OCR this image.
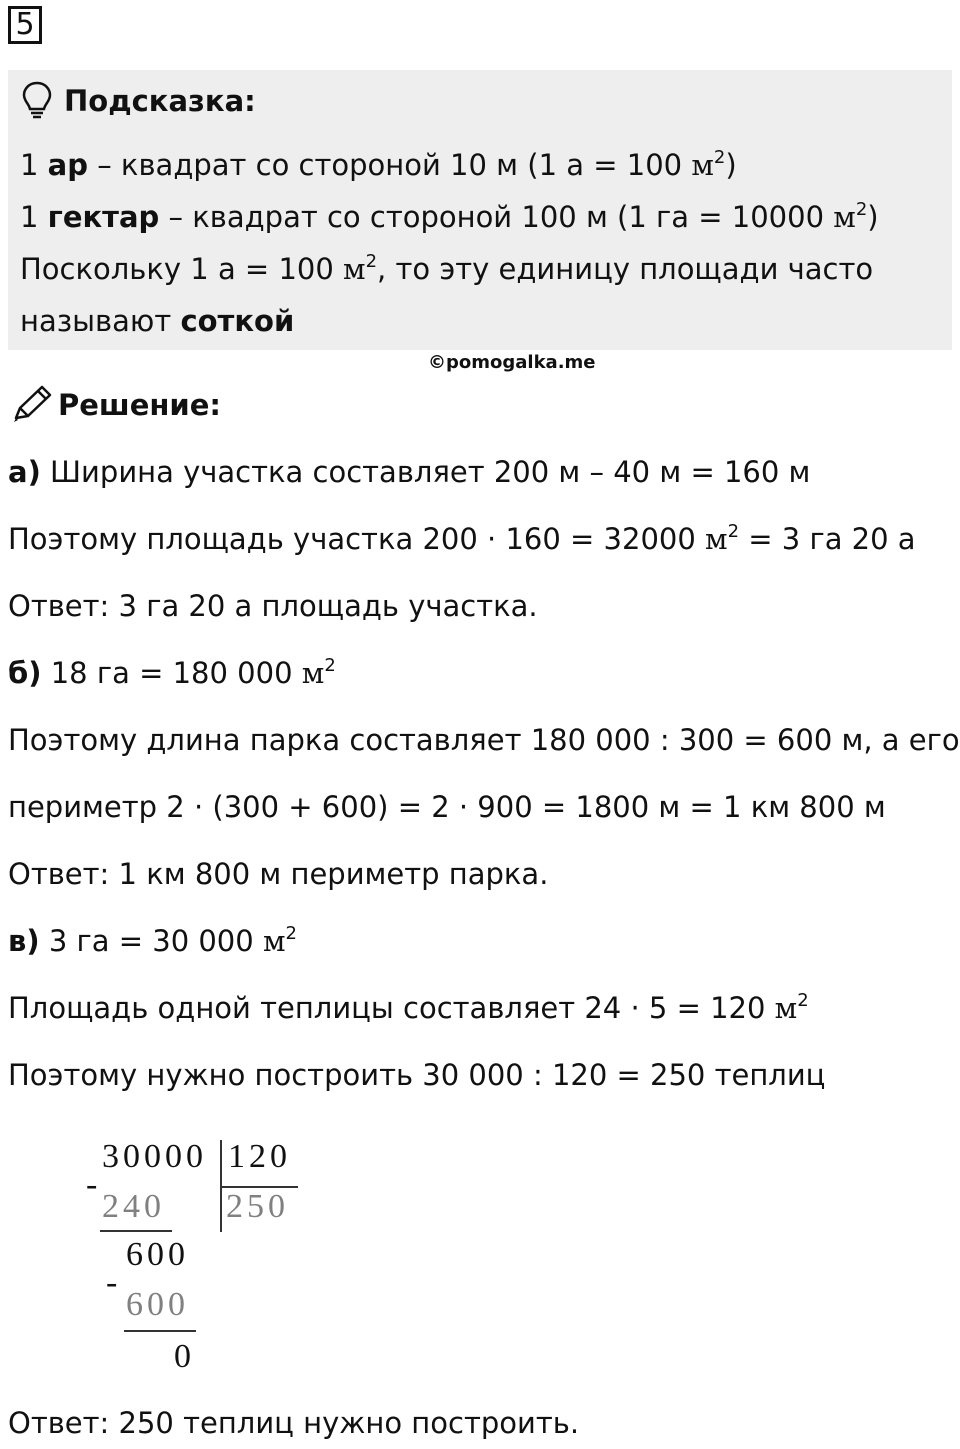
5
Подсказка:
1 ар – квадрат со стороной 10 м (1 а = 100 $м^2$)
1 гектар – квадрат со стороной 100 м (1 га = 10000 $м^2$)
Поскольку 1 а = 100 $м^2$, то эту единицу площади часто
называют соткой
©pomogalka.me
Решение:
а) Ширина участка составляет 200 м – 40 м = 160 м
Поэтому площадь участка 200 · 160 = 32000 $м^2 = 3$ га 20 а
Ответ: 3 га 20 а площадь участка.
б) 18 га = 180 000 $м^2$
Поэтому длина парка составляет 180 000 : 300 = 600 м, а его
периметр 2 · (300 + 600) = 2 · 900 = 1800 м = 1 км 800 м
Ответ: 1 км 800 м периметр парка.
в) 3 га = 30 000 $м^2$
Площадь одной теплицы составляет 24 · 5 = 120 $м^2$
Поэтому нужно построить 30 000 : 120 = 250 теплиц
30000 120
-
240 250
600
-
600
0
Ответ: 250 теплиц нужно построить.
